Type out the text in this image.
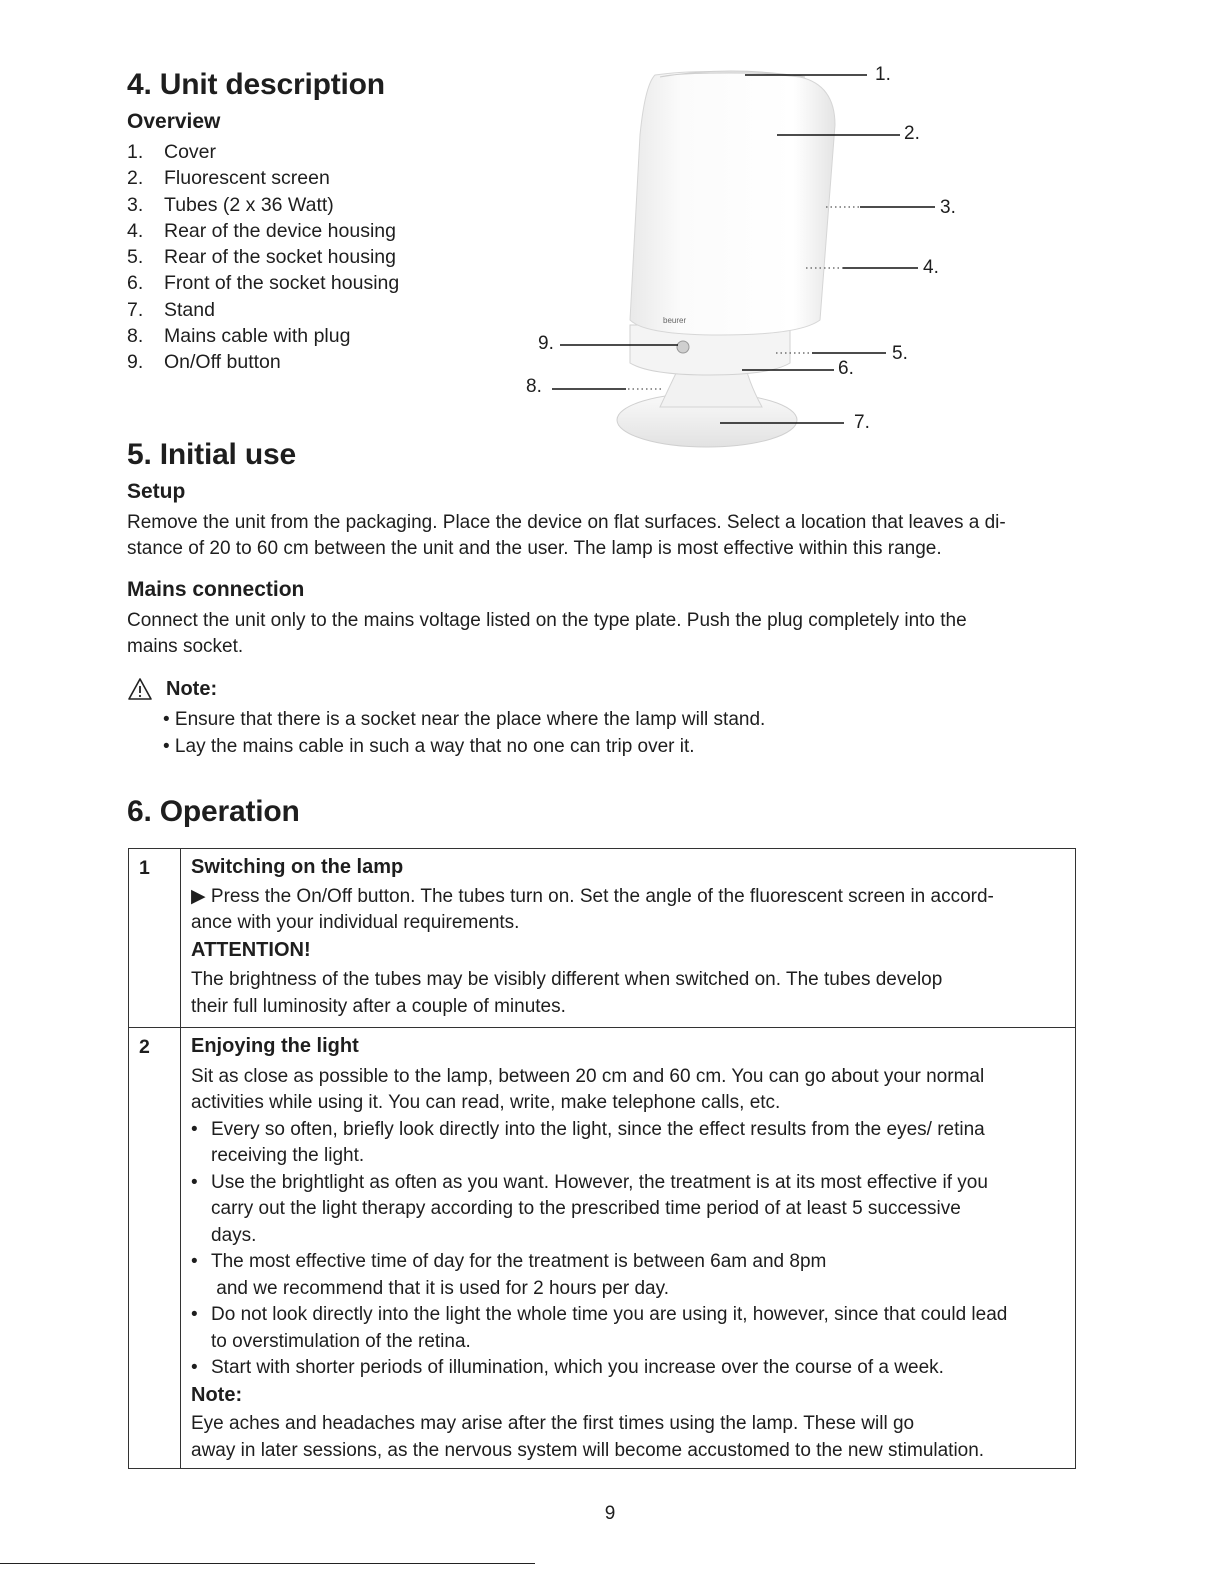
4. Unit description
Overview
1.	Cover
2.	Fluorescent screen
3.	Tubes (2 x 36 Watt)
4.	Rear of the device housing
5.	Rear of the socket housing
6.	Front of the socket housing
7.	Stand
8.	Mains cable with plug
9.	On/Off button
beurer
1.
2.
3.
4.
5.
6.
7.
8.
9.
5. Initial use
Setup
Remove the unit from the packaging. Place the device on flat surfaces. Select a location that leaves a di-
stance of 20 to 60 cm between the unit and the user. The lamp is most effective within this range.
Mains connection
Connect the unit only to the mains voltage listed on the type plate. Push the plug completely into the
mains socket.
Note:
• Ensure that there is a socket near the place where the lamp will stand.
• Lay the mains cable in such a way that no one can trip over it.
6. Operation
1 Switching on the lamp
▶ Press the On/Off button. The tubes turn on. Set the angle of the fluorescent screen in accord-
ance with your individual requirements.
ATTENTION!
The brightness of the tubes may be visibly different when switched on. The tubes develop
their full luminosity after a couple of minutes.
2 Enjoying the light
Sit as close as possible to the lamp, between 20 cm and 60 cm. You can go about your normal
activities while using it. You can read, write, make telephone calls, etc.
• Every so often, briefly look directly into the light, since the effect results from the eyes/ retina
receiving the light.
• Use the brightlight as often as you want. However, the treatment is at its most effective if you
carry out the light therapy according to the prescribed time period of at least 5 successive
days.
• The most effective time of day for the treatment is between 6am and 8pm
and we recommend that it is used for 2 hours per day.
• Do not look directly into the light the whole time you are using it, however, since that could lead
to overstimulation of the retina.
• Start with shorter periods of illumination, which you increase over the course of a week.
Note:
Eye aches and headaches may arise after the first times using the lamp. These will go
away in later sessions, as the nervous system will become accustomed to the new stimulation.
9
